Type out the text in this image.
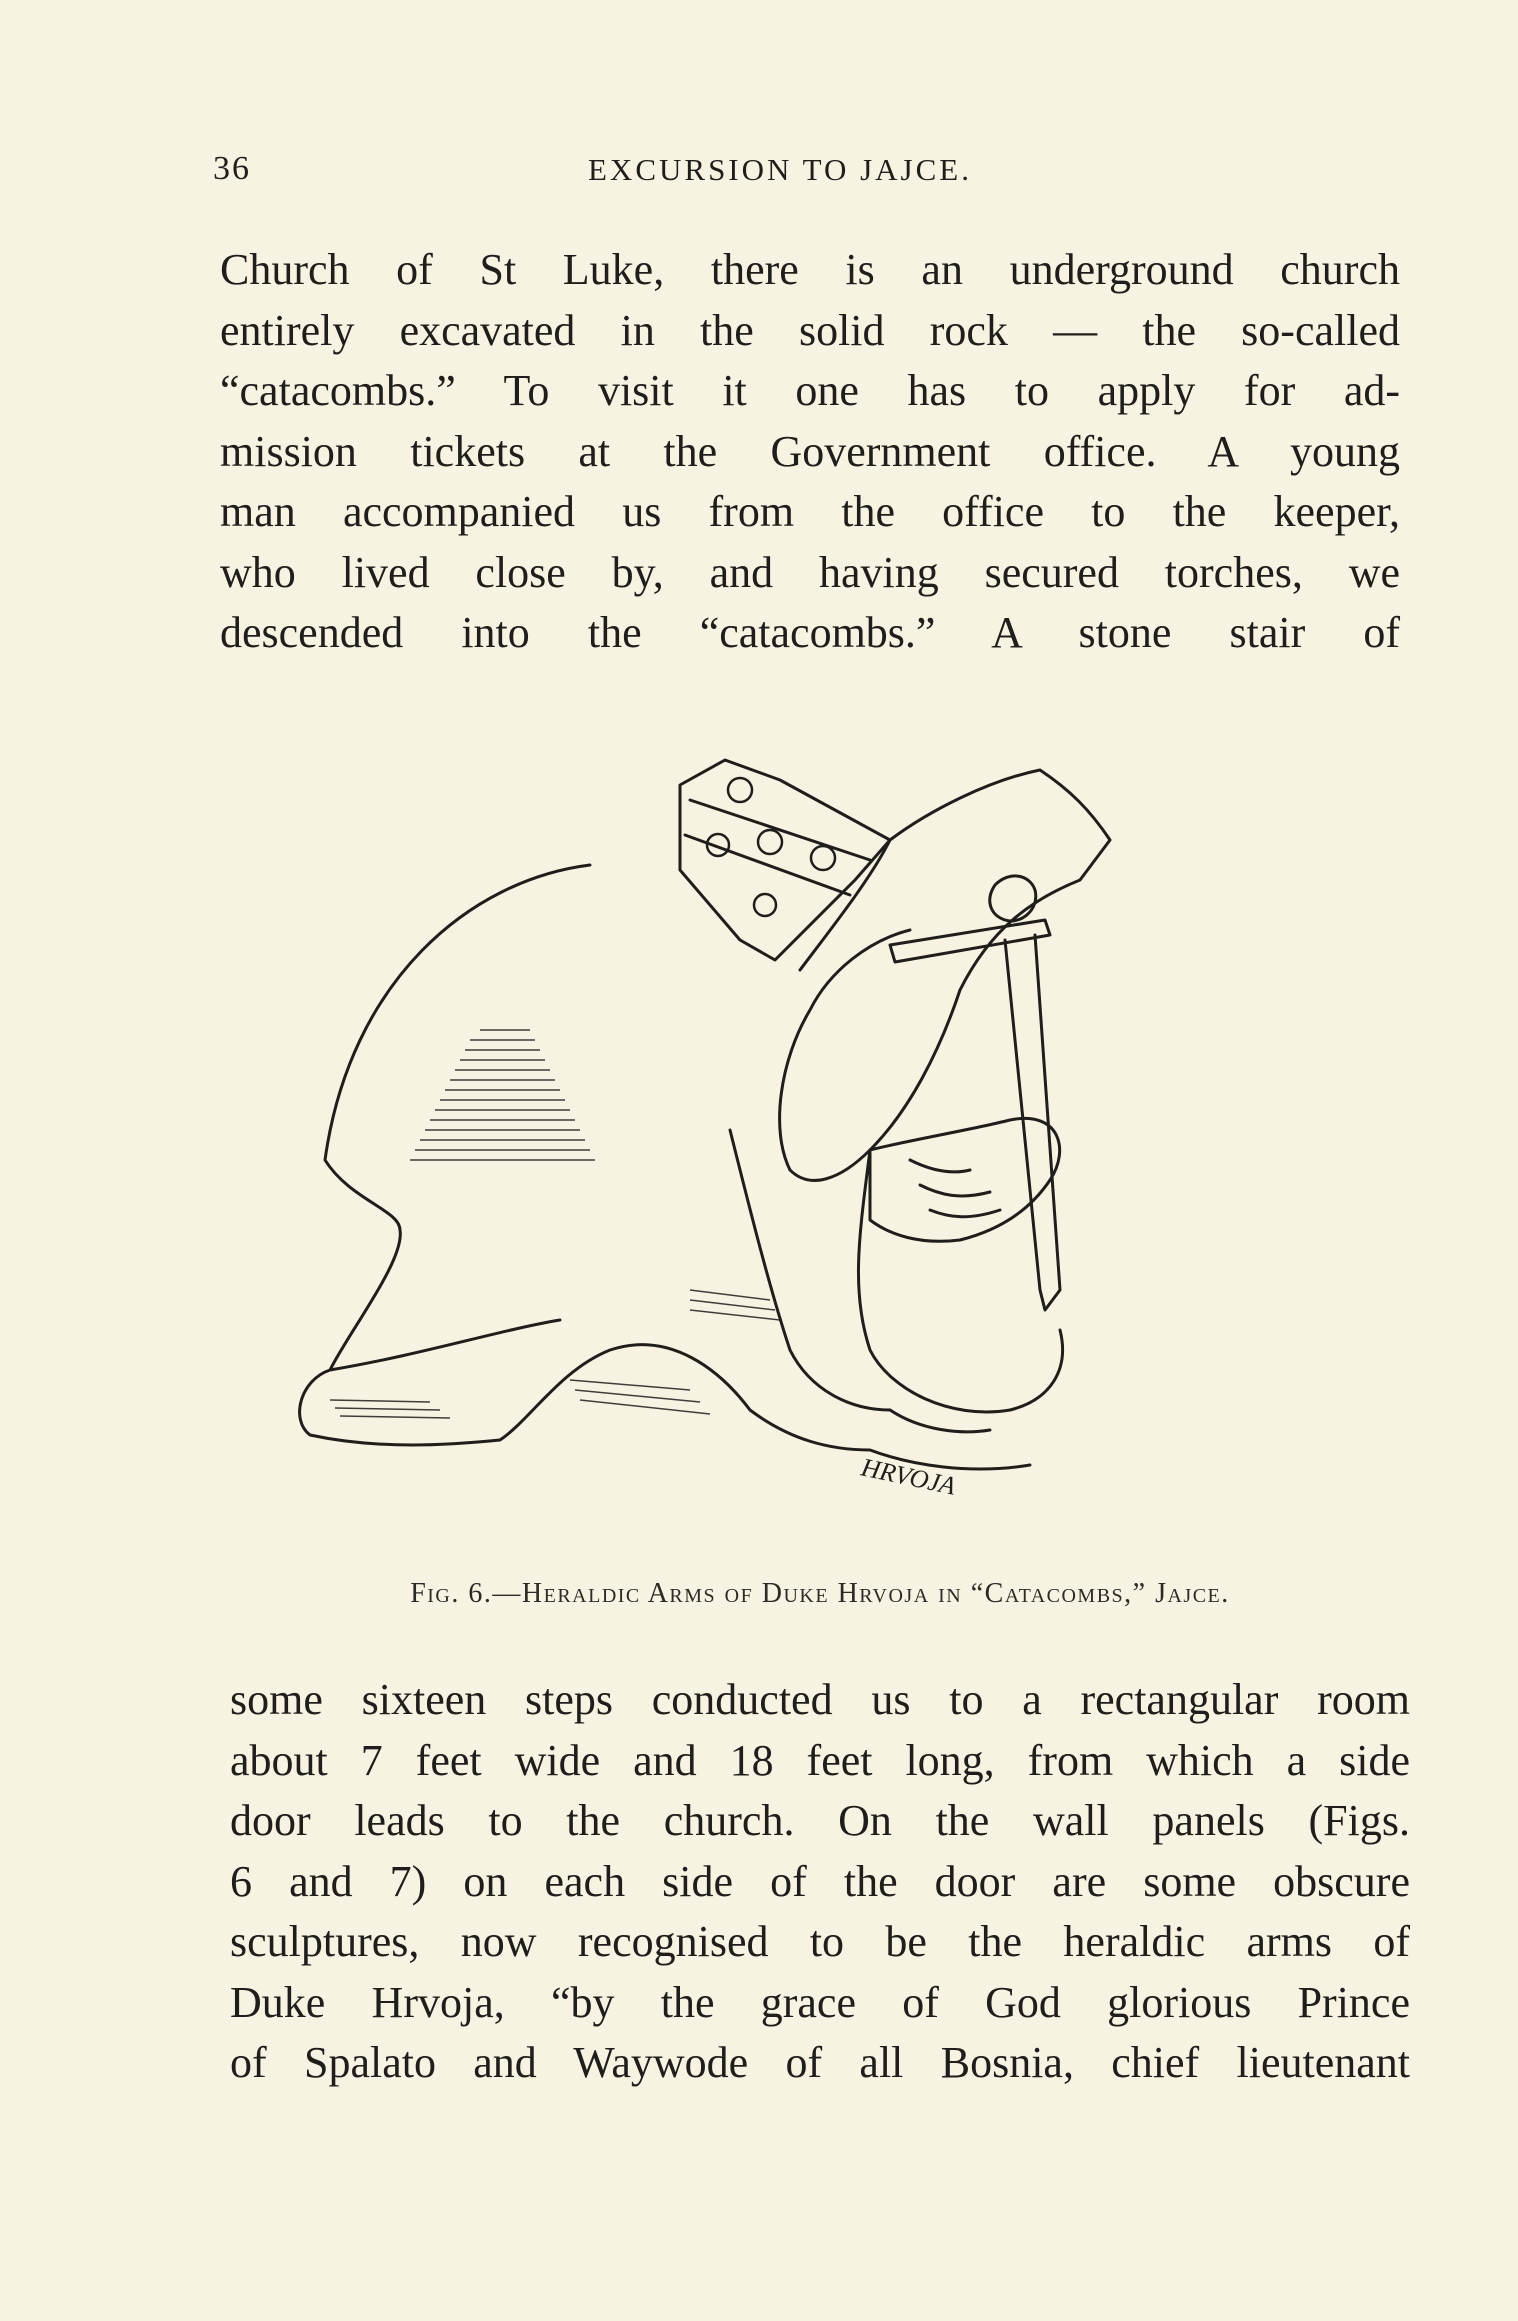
36	EXCURSION TO JAJCE.
Church of St Luke, there is an underground church
entirely excavated in the solid rock — the so-called
“catacombs.” To visit it one has to apply for ad-
mission tickets at the Government office. A young
man accompanied us from the office to the keeper,
who lived close by, and having secured torches, we
descended into the “catacombs.” A stone stair of
HRVOJA
Fig. 6.—Heraldic Arms of Duke Hrvoja in “Catacombs,” Jajce.
some sixteen steps conducted us to a rectangular room
about 7 feet wide and 18 feet long, from which a side
door leads to the church. On the wall panels (Figs.
6 and 7) on each side of the door are some obscure
sculptures, now recognised to be the heraldic arms of
Duke Hrvoja, “by the grace of God glorious Prince
of Spalato and Waywode of all Bosnia, chief lieutenant
